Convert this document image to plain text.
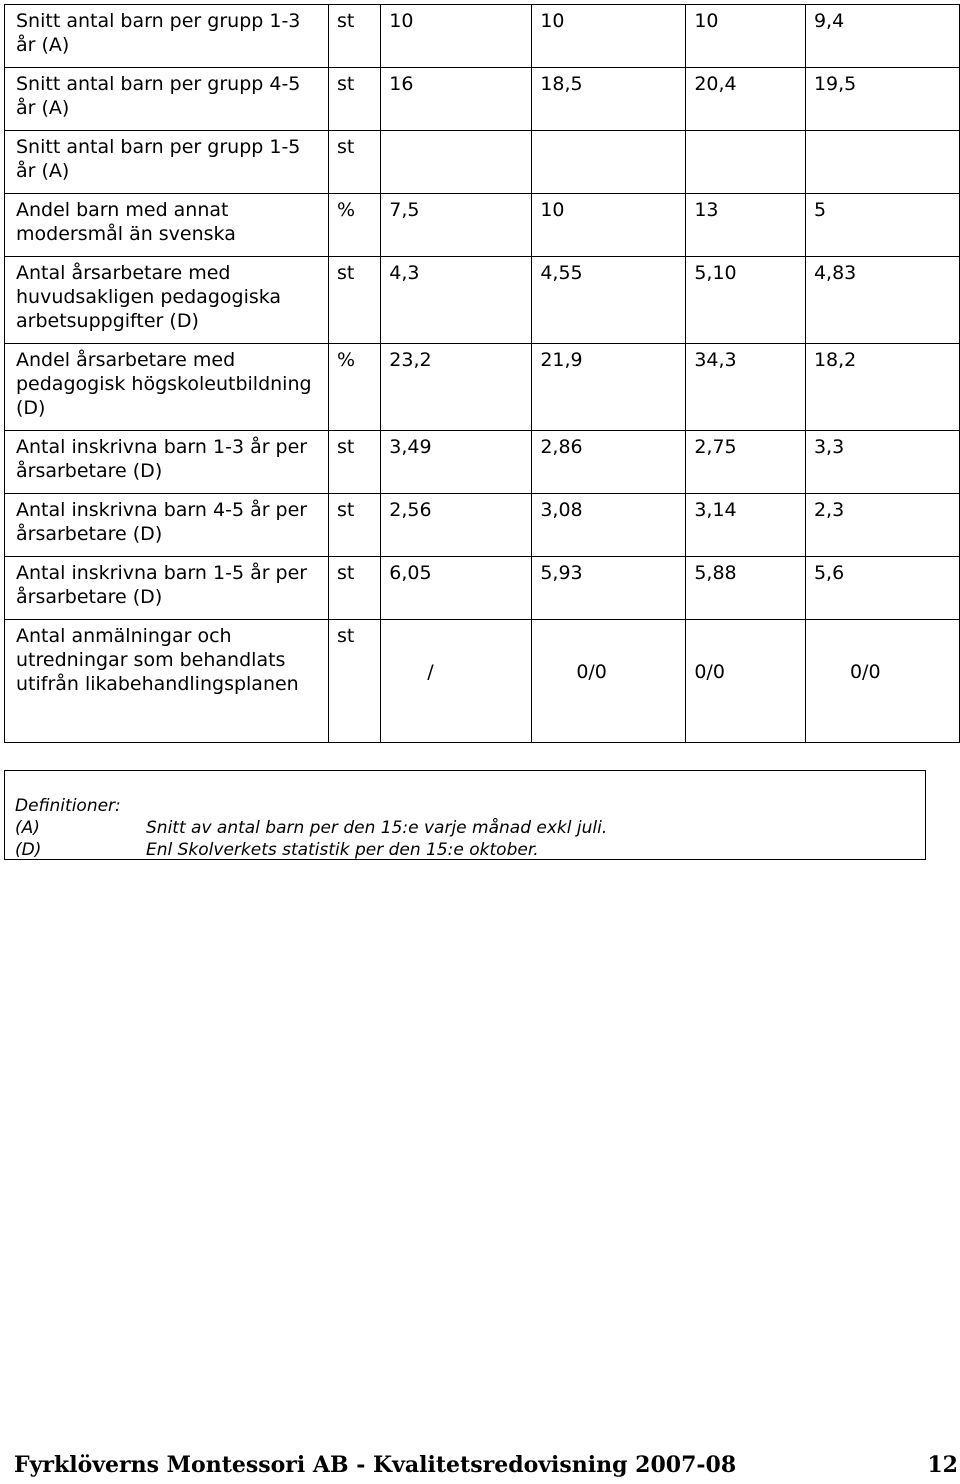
Snitt antal barn per grupp 1-3 år (A)	st	10	10	10	9,4
Snitt antal barn per grupp 4-5 år (A)	st	16	18,5	20,4	19,5
Snitt antal barn per grupp 1-5 år (A)	st				
Andel barn med annat modersmål än svenska	%	7,5	10	13	5
Antal årsarbetare med huvudsakligen pedagogiska arbetsuppgifter (D)	st	4,3	4,55	5,10	4,83
Andel årsarbetare med pedagogisk högskoleutbildning (D)	%	23,2	21,9	34,3	18,2
Antal inskrivna barn 1-3 år per årsarbetare (D)	st	3,49	2,86	2,75	3,3
Antal inskrivna barn 4-5 år per årsarbetare (D)	st	2,56	3,08	3,14	2,3
Antal inskrivna barn 1-5 år per årsarbetare (D)	st	6,05	5,93	5,88	5,6
Antal anmälningar och utredningar som behandlats utifrån likabehandlingsplanen	st	/	0/0	0/0	0/0
Definitioner:
(A)	Snitt av antal barn per den 15:e varje månad exkl juli.
(D)	Enl Skolverkets statistik per den 15:e oktober.
Fyrklöverns Montessori AB - Kvalitetsredovisning 2007-08	12
